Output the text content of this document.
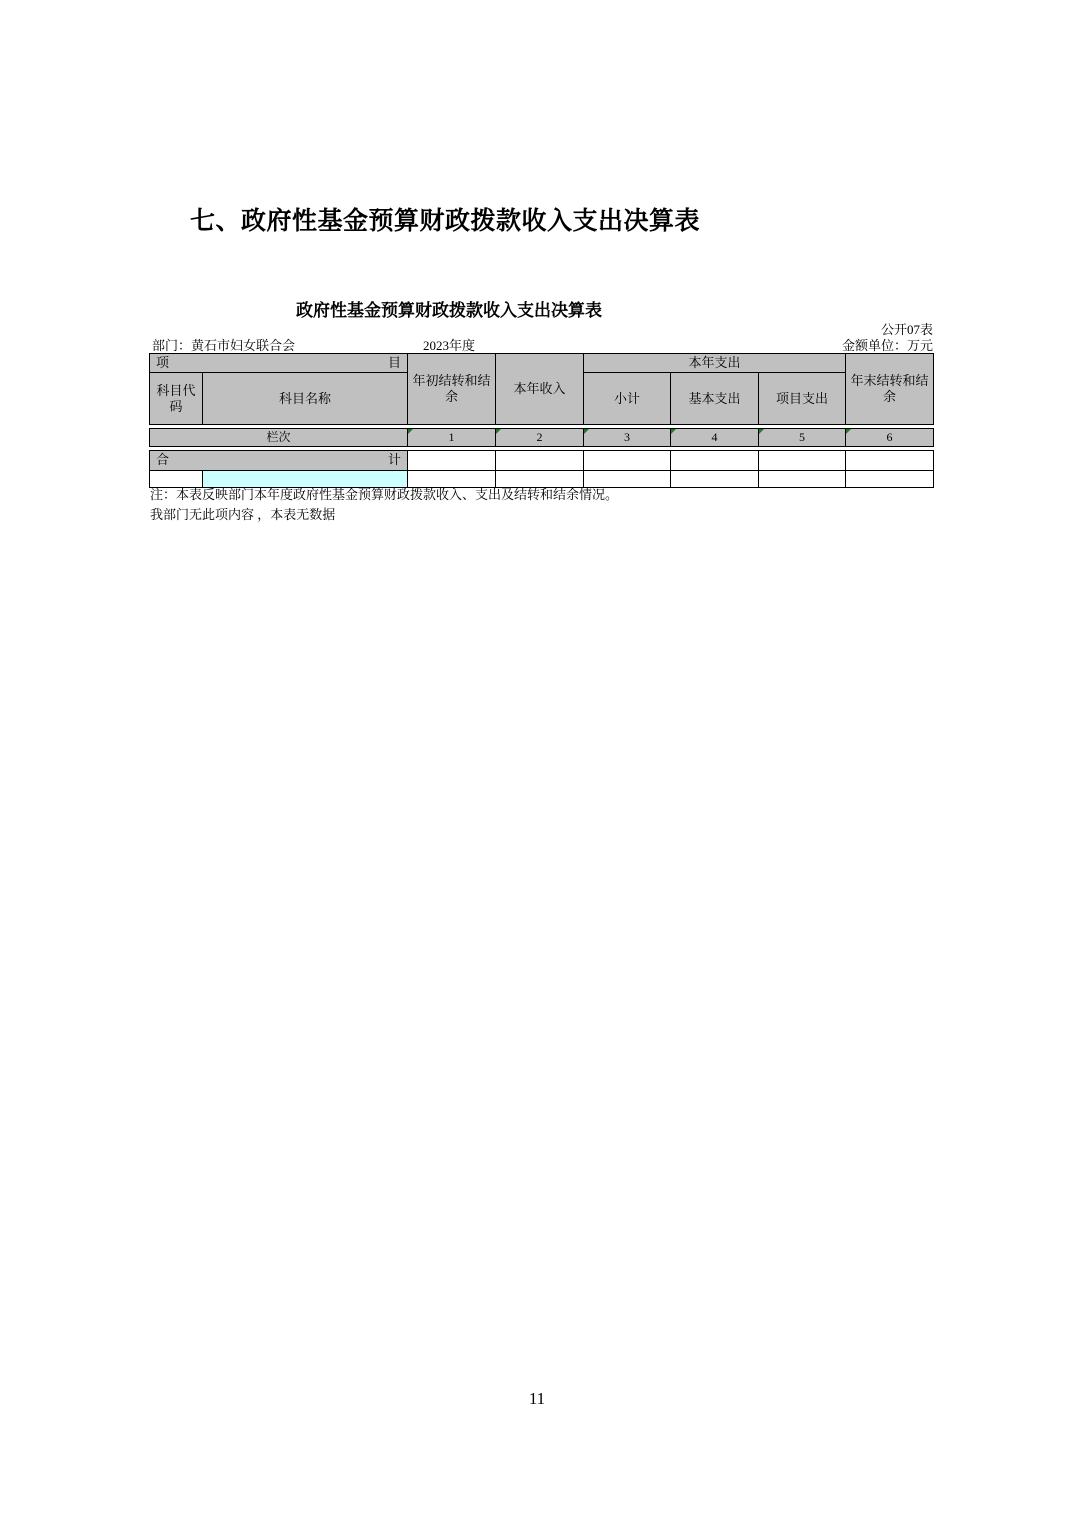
七、政府性基金预算财政拨款收入支出决算表
政府性基金预算财政拨款收入支出决算表
公开07表
部门：黄石市妇女联合会	2023年度	金额单位：万元
项 目		年初结转和结余	本年收入	本年支出			年末结转和结余
科目代码	科目名称			小计	基本支出	项目支出	
栏次	1	2	3	4	5	6
合 计							

注：本表反映部门本年度政府性基金预算财政拨款收入、支出及结转和结余情况。
我部门无此项内容 ，本表无数据
11
